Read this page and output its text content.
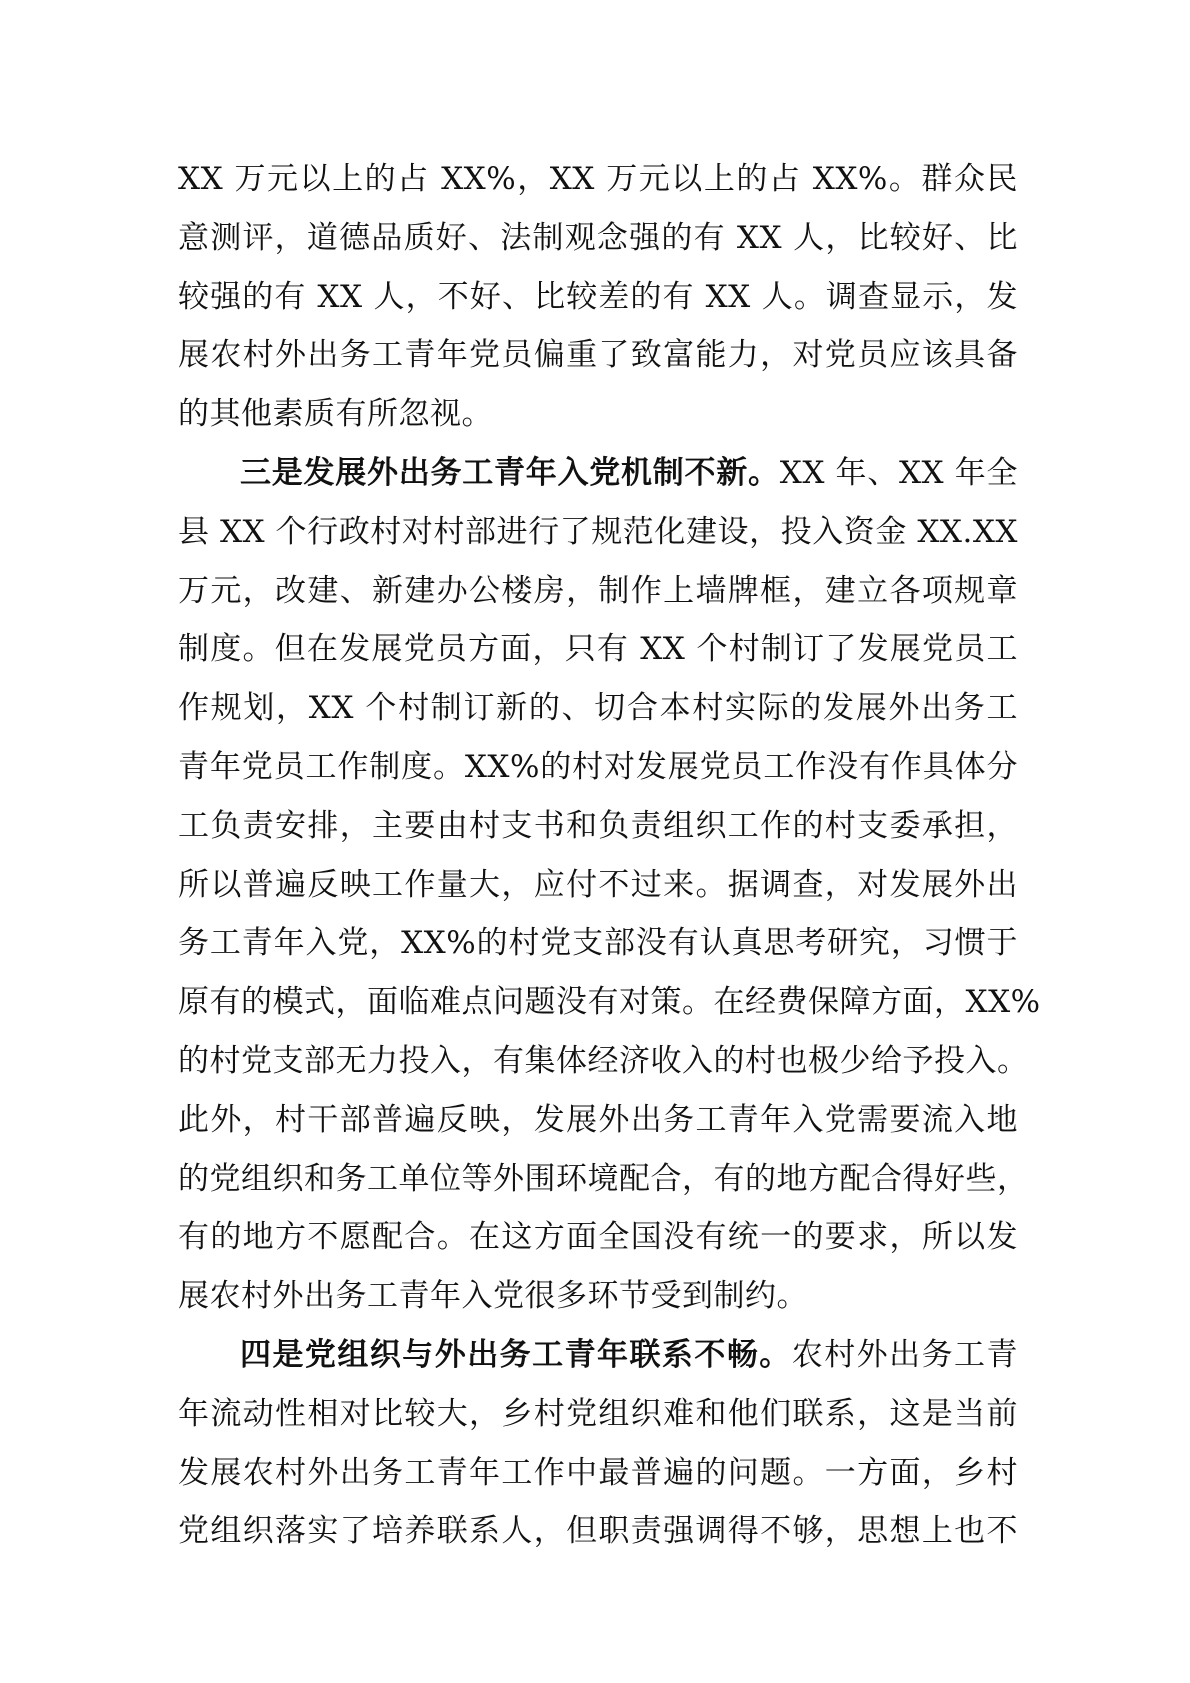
XX 万元以上的占 XX%，XX 万元以上的占 XX%。群众民
意测评，道德品质好、法制观念强的有 XX 人，比较好、比
较强的有 XX 人，不好、比较差的有 XX 人。调查显示，发
展农村外出务工青年党员偏重了致富能力，对党员应该具备
的其他素质有所忽视。
三是发展外出务工青年入党机制不新。XX 年、XX 年全
县 XX 个行政村对村部进行了规范化建设，投入资金 XX.XX
万元，改建、新建办公楼房，制作上墙牌框，建立各项规章
制度。但在发展党员方面，只有 XX 个村制订了发展党员工
作规划，XX 个村制订新的、切合本村实际的发展外出务工
青年党员工作制度。XX%的村对发展党员工作没有作具体分
工负责安排，主要由村支书和负责组织工作的村支委承担，
所以普遍反映工作量大，应付不过来。据调查，对发展外出
务工青年入党，XX%的村党支部没有认真思考研究，习惯于
原有的模式，面临难点问题没有对策。在经费保障方面，XX%
的村党支部无力投入，有集体经济收入的村也极少给予投入。
此外，村干部普遍反映，发展外出务工青年入党需要流入地
的党组织和务工单位等外围环境配合，有的地方配合得好些，
有的地方不愿配合。在这方面全国没有统一的要求，所以发
展农村外出务工青年入党很多环节受到制约。
四是党组织与外出务工青年联系不畅。农村外出务工青
年流动性相对比较大，乡村党组织难和他们联系，这是当前
发展农村外出务工青年工作中最普遍的问题。一方面，乡村
党组织落实了培养联系人，但职责强调得不够，思想上也不
